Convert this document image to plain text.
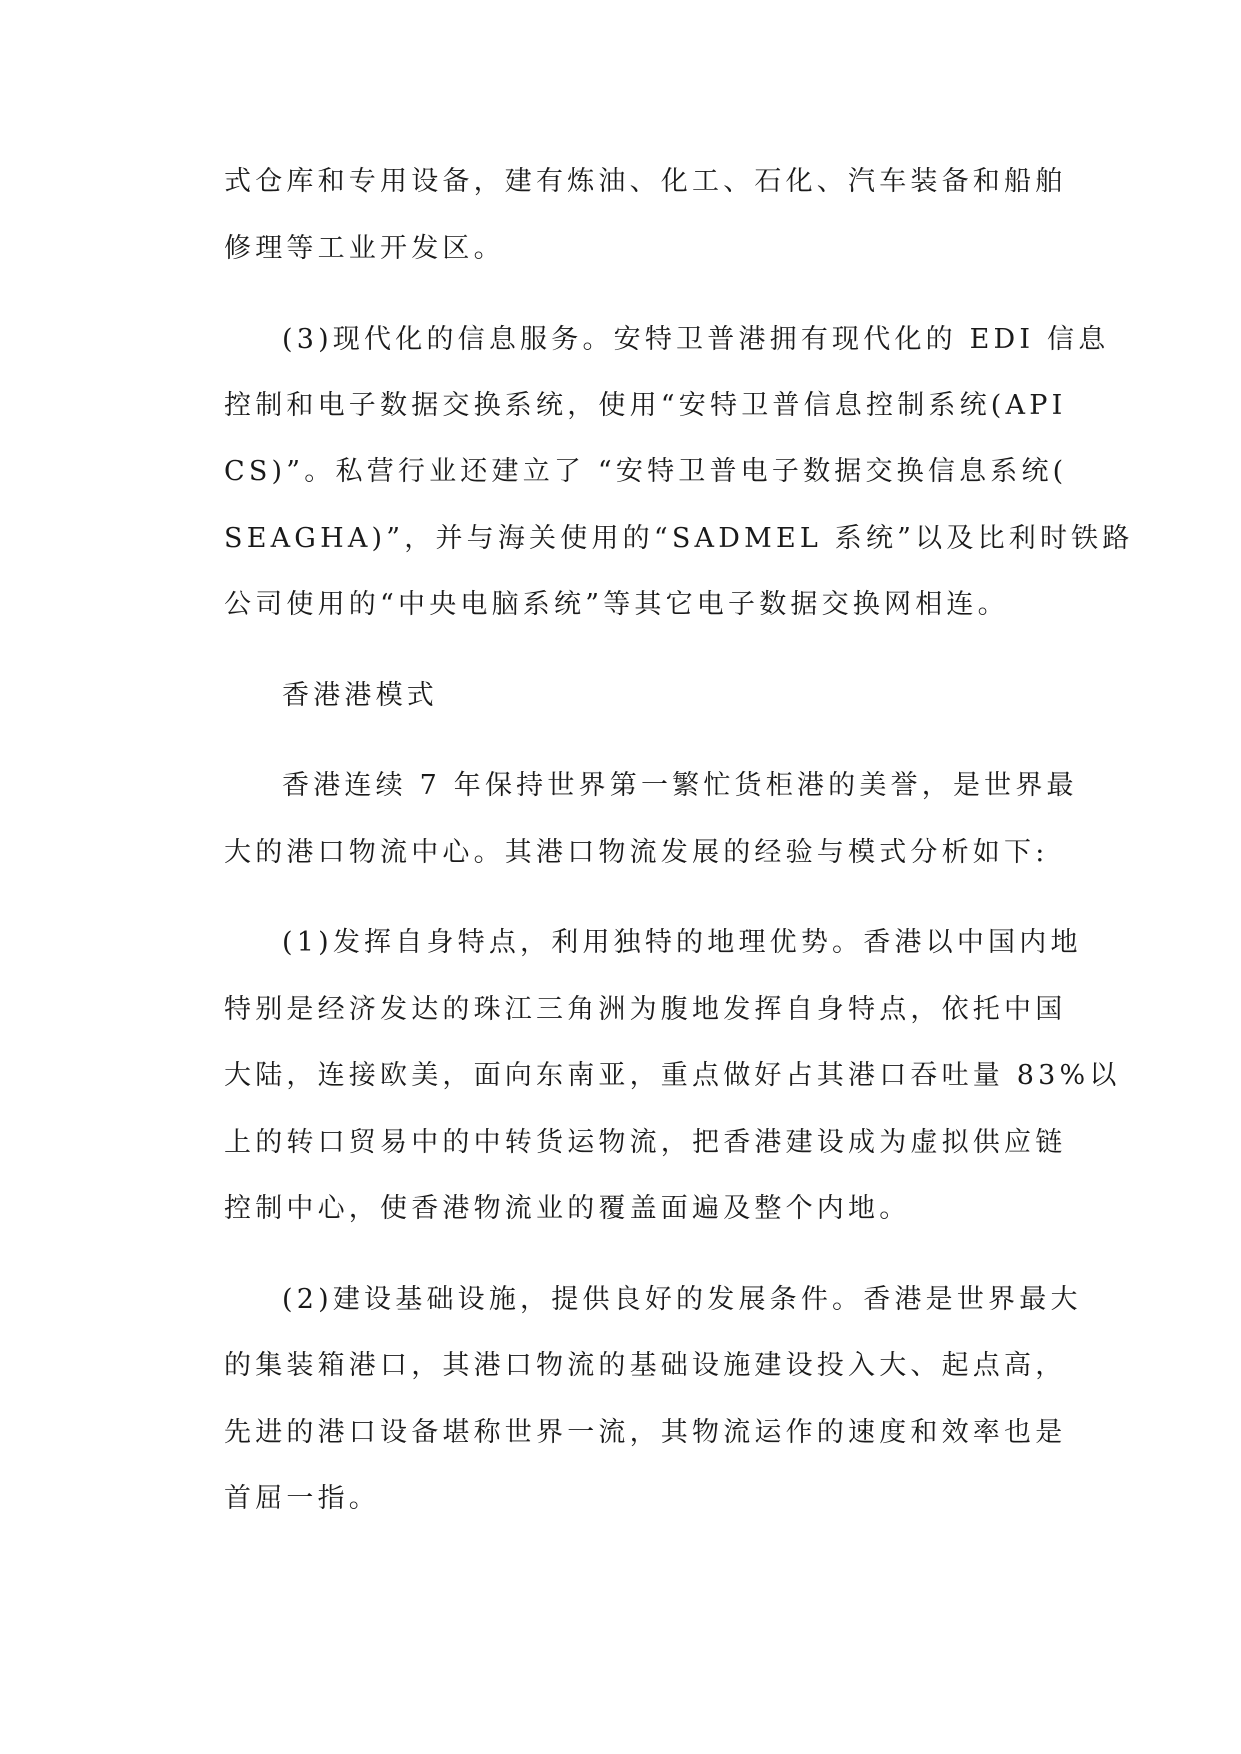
式仓库和专用设备，建有炼油、化工、石化、汽车装备和船舶
修理等工业开发区。
(3)现代化的信息服务。安特卫普港拥有现代化的 EDI 信息
控制和电子数据交换系统，使用“安特卫普信息控制系统(API
CS)”。私营行业还建立了 “安特卫普电子数据交换信息系统(
SEAGHA)”，并与海关使用的“SADMEL 系统”以及比利时铁路
公司使用的“中央电脑系统”等其它电子数据交换网相连。
香港港模式
香港连续 7 年保持世界第一繁忙货柜港的美誉，是世界最
大的港口物流中心。其港口物流发展的经验与模式分析如下:
(1)发挥自身特点，利用独特的地理优势。香港以中国内地
特别是经济发达的珠江三角洲为腹地发挥自身特点，依托中国
大陆，连接欧美，面向东南亚，重点做好占其港口吞吐量 83%以
上的转口贸易中的中转货运物流，把香港建设成为虚拟供应链
控制中心，使香港物流业的覆盖面遍及整个内地。
(2)建设基础设施，提供良好的发展条件。香港是世界最大
的集装箱港口，其港口物流的基础设施建设投入大、起点高，
先进的港口设备堪称世界一流，其物流运作的速度和效率也是
首屈一指。
